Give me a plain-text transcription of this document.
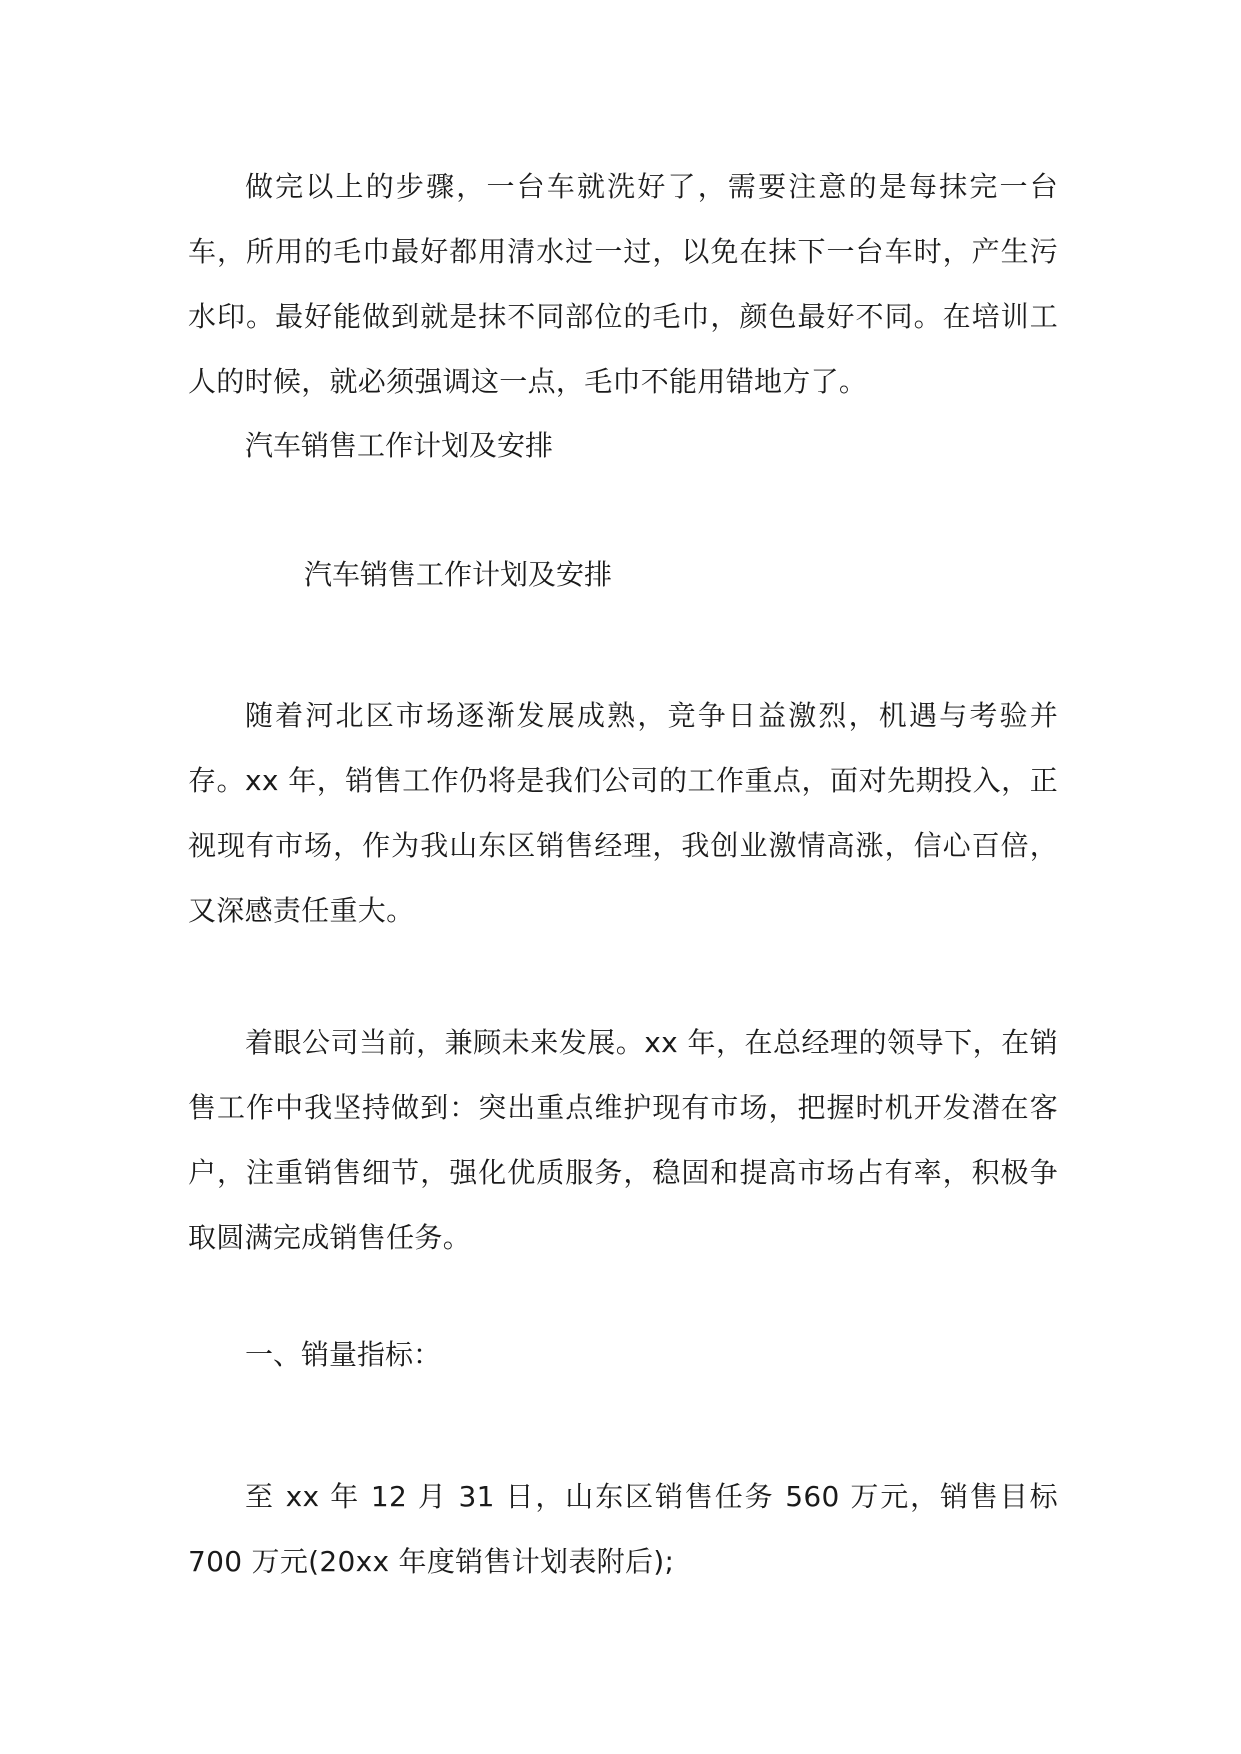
做完以上的步骤，一台车就洗好了，需要注意的是每抹完一台车，所用的毛巾最好都用清水过一过，以免在抹下一台车时，产生污水印。最好能做到就是抹不同部位的毛巾，颜色最好不同。在培训工人的时候，就必须强调这一点，毛巾不能用错地方了。

汽车销售工作计划及安排

汽车销售工作计划及安排

随着河北区市场逐渐发展成熟，竞争日益激烈，机遇与考验并存。xx 年，销售工作仍将是我们公司的工作重点，面对先期投入，正视现有市场，作为我山东区销售经理，我创业激情高涨，信心百倍，又深感责任重大。

着眼公司当前，兼顾未来发展。xx 年，在总经理的领导下，在销售工作中我坚持做到：突出重点维护现有市场，把握时机开发潜在客户，注重销售细节，强化优质服务，稳固和提高市场占有率，积极争取圆满完成销售任务。

一、销量指标：

至 xx 年 12 月 31 日，山东区销售任务 560 万元，销售目标 700 万元(20xx 年度销售计划表附后);
